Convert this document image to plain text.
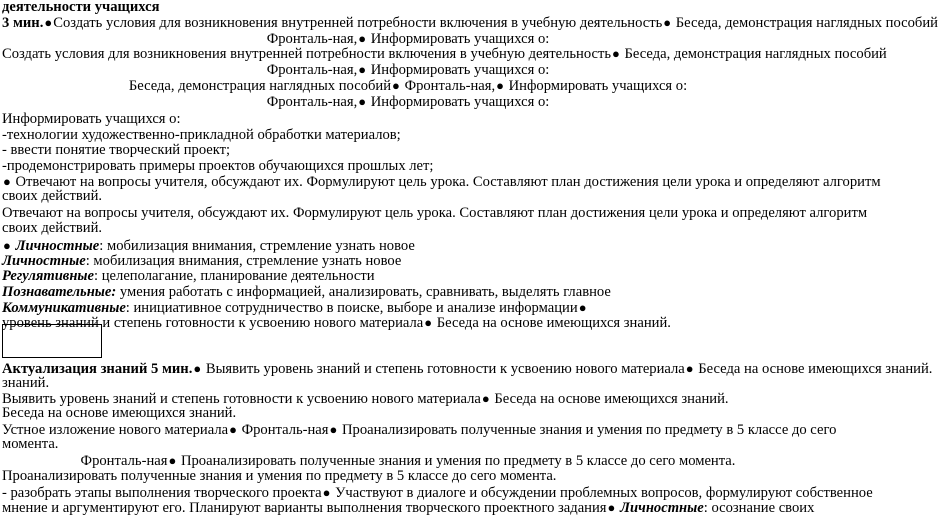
деятельности учащихся
3 мин.●Создать условия для возникновения внутренней потребности включения в учебную деятельность● Беседа, демонстрация наглядных пособий
Фронталь-ная,● Информировать учащихся о:
Создать условия для возникновения внутренней потребности включения в учебную деятельность● Беседа, демонстрация наглядных пособий
Фронталь-ная,● Информировать учащихся о:
Беседа, демонстрация наглядных пособий● Фронталь-ная,● Информировать учащихся о:
Фронталь-ная,● Информировать учащихся о:
Информировать учащихся о:
-технологии художественно-прикладной обработки материалов;
- ввести понятие творческий проект;
-продемонстрировать примеры проектов обучающихся прошлых лет;
● Отвечают на вопросы учителя, обсуждают их. Формулируют цель урока. Составляют план достижения цели урока и определяют алгоритм
своих действий.
Отвечают на вопросы учителя, обсуждают их. Формулируют цель урока. Составляют план достижения цели урока и определяют алгоритм
своих действий.
● Личностные: мобилизация внимания, стремление узнать новое
Личностные: мобилизация внимания, стремление узнать новое
Регулятивные: целеполагание, планирование деятельности
Познавательные: умения работать с информацией, анализировать, сравнивать, выделять главное
Коммуникативные: инициативное сотрудничество в поиске, выборе и анализе информации●
уровень знаний и степень готовности к усвоению нового материала● Беседа на основе имеющихся знаний.
Актуализация знаний 5 мин.● Выявить уровень знаний и степень готовности к усвоению нового материала● Беседа на основе имеющихся знаний.
знаний.
Выявить уровень знаний и степень готовности к усвоению нового материала● Беседа на основе имеющихся знаний.
Беседа на основе имеющихся знаний.
Устное изложение нового материала● Фронталь-ная● Проанализировать полученные знания и умения по предмету в 5 классе до сего
момента.
Фронталь-ная● Проанализировать полученные знания и умения по предмету в 5 классе до сего момента.
Проанализировать полученные знания и умения по предмету в 5 классе до сего момента.
- разобрать этапы выполнения творческого проекта● Участвуют в диалоге и обсуждении проблемных вопросов, формулируют собственное
мнение и аргументируют его. Планируют варианты выполнения творческого проектного задания● Личностные: осознание своих
